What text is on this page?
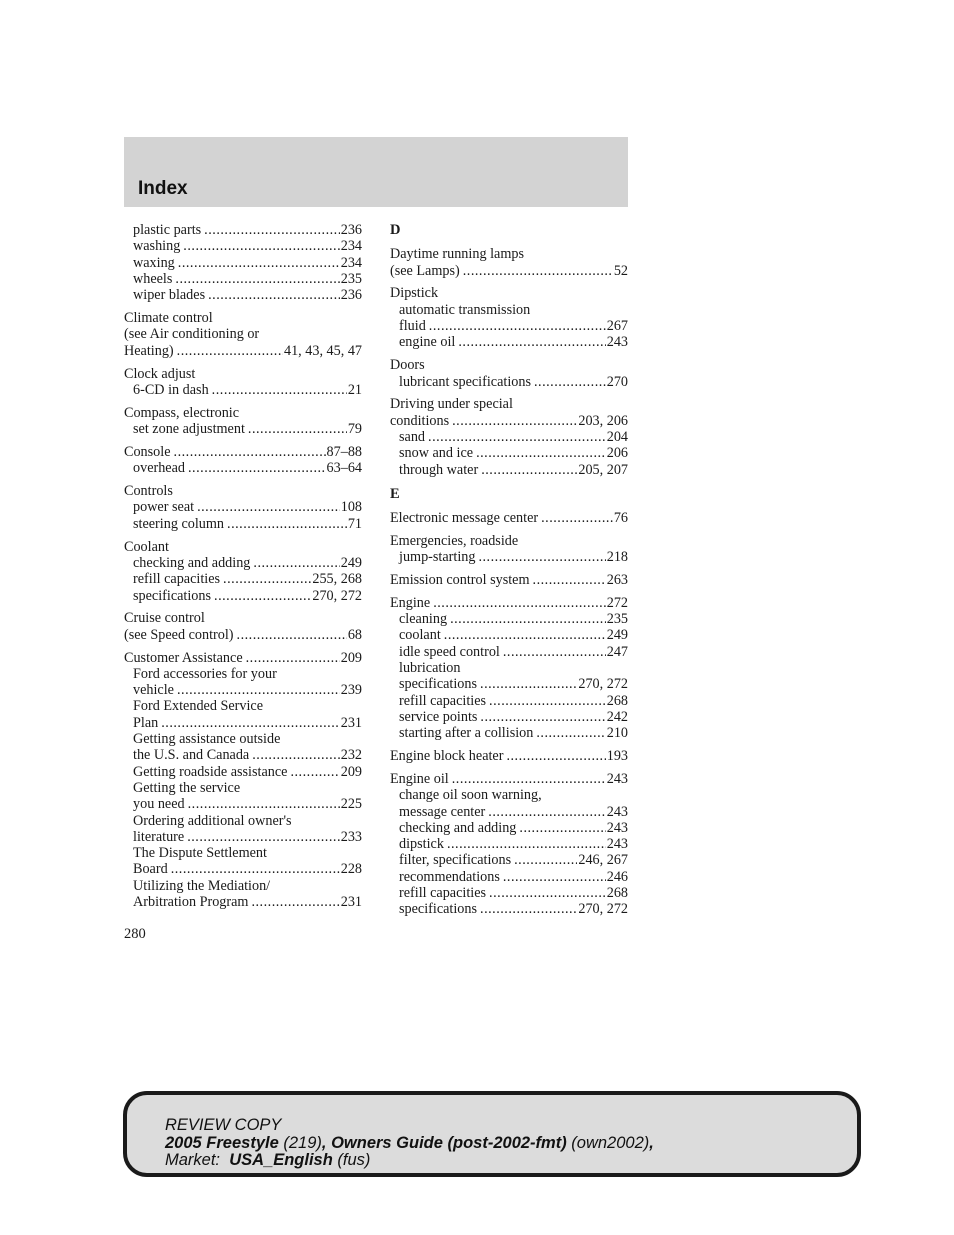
Index
plastic parts .....	236
washing .....	234
waxing .....	234
wheels .....	235
wiper blades .....	236
Climate control
(see Air conditioning or
Heating) .....	41, 43, 45, 47
Clock adjust
6-CD in dash .....	21
Compass, electronic
set zone adjustment .....	79
Console .....	87–88
overhead .....	63–64
Controls
power seat .....	108
steering column .....	71
Coolant
checking and adding .....	249
refill capacities .....	255, 268
specifications .....	270, 272
Cruise control
(see Speed control) .....	68
Customer Assistance .....	209
Ford accessories for your
vehicle .....	239
Ford Extended Service
Plan .....	231
Getting assistance outside
the U.S. and Canada .....	232
Getting roadside assistance .....	209
Getting the service
you need .....	225
Ordering additional owner's
literature .....	233
The Dispute Settlement
Board .....	228
Utilizing the Mediation/
Arbitration Program .....	231
D
Daytime running lamps
(see Lamps) .....	52
Dipstick
automatic transmission
fluid .....	267
engine oil .....	243
Doors
lubricant specifications .....	270
Driving under special
conditions .....	203, 206
sand .....	204
snow and ice .....	206
through water .....	205, 207
E
Electronic message center .....	76
Emergencies, roadside
jump-starting .....	218
Emission control system .....	263
Engine .....	272
cleaning .....	235
coolant .....	249
idle speed control .....	247
lubrication
specifications .....	270, 272
refill capacities .....	268
service points .....	242
starting after a collision .....	210
Engine block heater .....	193
Engine oil .....	243
change oil soon warning,
message center .....	243
checking and adding .....	243
dipstick .....	243
filter, specifications .....	246, 267
recommendations .....	246
refill capacities .....	268
specifications .....	270, 272
280
REVIEW COPY
2005 Freestyle (219), Owners Guide (post-2002-fmt) (own2002),
Market: USA_English (fus)
